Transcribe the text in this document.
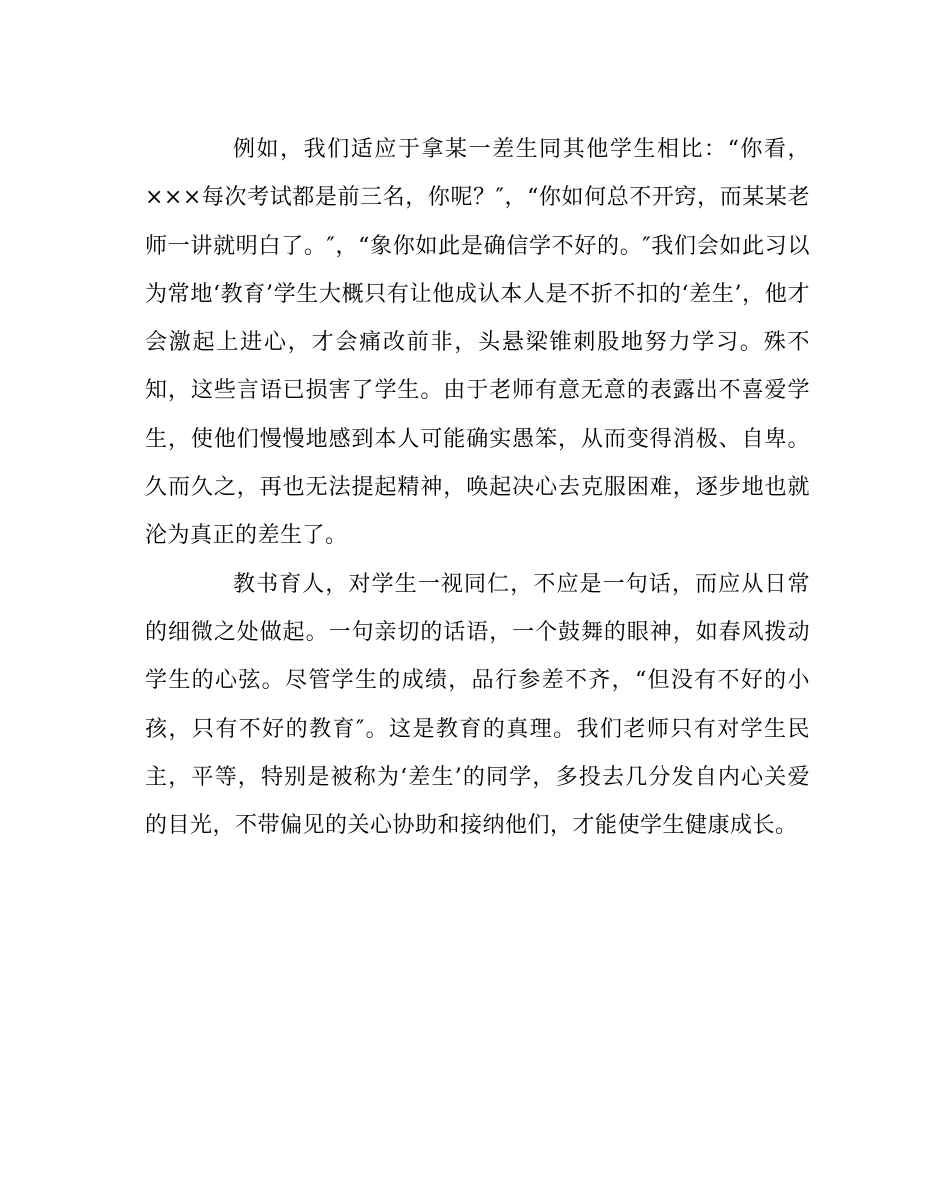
例如，我们适应于拿某一差生同其他学生相比：“你看，×××每次考试都是前三名，你呢？″，“你如何总不开窍，而某某老师一讲就明白了。″，“象你如此是确信学不好的。″我们会如此习以为常地‘教育’学生大概只有让他成认本人是不折不扣的‘差生’，他才会激起上进心，才会痛改前非，头悬梁锥刺股地努力学习。殊不知，这些言语已损害了学生。由于老师有意无意的表露出不喜爱学生，使他们慢慢地感到本人可能确实愚笨，从而变得消极、自卑。久而久之，再也无法提起精神，唤起决心去克服困难，逐步地也就沦为真正的差生了。

教书育人，对学生一视同仁，不应是一句话，而应从日常的细微之处做起。一句亲切的话语，一个鼓舞的眼神，如春风拨动学生的心弦。尽管学生的成绩，品行参差不齐，“但没有不好的小孩，只有不好的教育″。这是教育的真理。我们老师只有对学生民主，平等，特别是被称为‘差生’的同学，多投去几分发自内心关爱的目光，不带偏见的关心协助和接纳他们，才能使学生健康成长。
